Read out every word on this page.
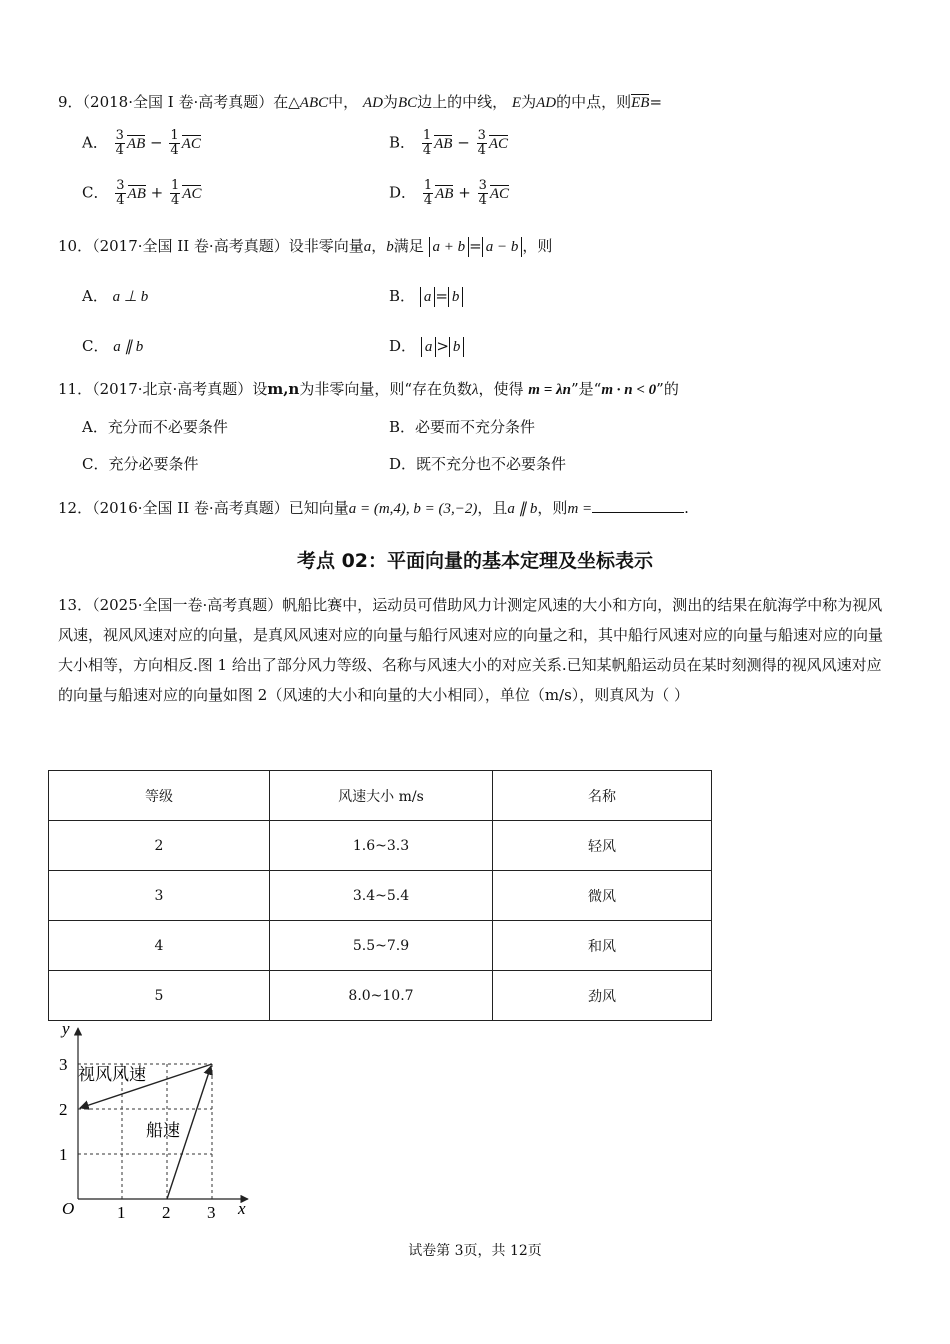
9．（2018·全国 I 卷·高考真题）在△ABC中， AD为BC边上的中线， E为AD的中点，则EB=
A． $\frac{3}{4}$ AB − $\frac{1}{4}$ AC	B． $\frac{1}{4}$ AB − $\frac{3}{4}$ AC
C． $\frac{3}{4}$ AB + $\frac{1}{4}$ AC	D． $\frac{1}{4}$ AB + $\frac{3}{4}$ AC
10．（2017·全国 II 卷·高考真题）设非零向量a，b满足 a + b = a − b ，则
A． a ⊥ b	B． a = b
C． a ∥ b	D． a > b
11．（2017·北京·高考真题）设m,n为非零向量，则“存在负数λ，使得 m = λn”是“m · n < 0”的
A．充分而不必要条件	B．必要而不充分条件
C．充分必要条件	D．既不充分也不必要条件
12．（2016·全国 II 卷·高考真题）已知向量a = (m,4), b = (3,−2)，且a ∥ b，则m =	.
考点 02：平面向量的基本定理及坐标表示
13．（2025·全国一卷·高考真题）帆船比赛中，运动员可借助风力计测定风速的大小和方向，测出的结果在航海学中称为视风风速，视风风速对应的向量，是真风风速对应的向量与船行风速对应的向量之和，其中船行风速对应的向量与船速对应的向量大小相等，方向相反.图 1 给出了部分风力等级、名称与风速大小的对应关系.已知某帆船运动员在某时刻测得的视风风速对应的向量与船速对应的向量如图 2（风速的大小和向量的大小相同），单位（m/s），则真风为（ ）
等级	风速大小 m/s	名称
2	1.6~3.3	轻风
3	3.4~5.4	微风
4	5.5~7.9	和风
5	8.0~10.7	劲风
y
x
O	1 2 3
1
2
3
视风风速
船速
试卷第 3页，共 12页
